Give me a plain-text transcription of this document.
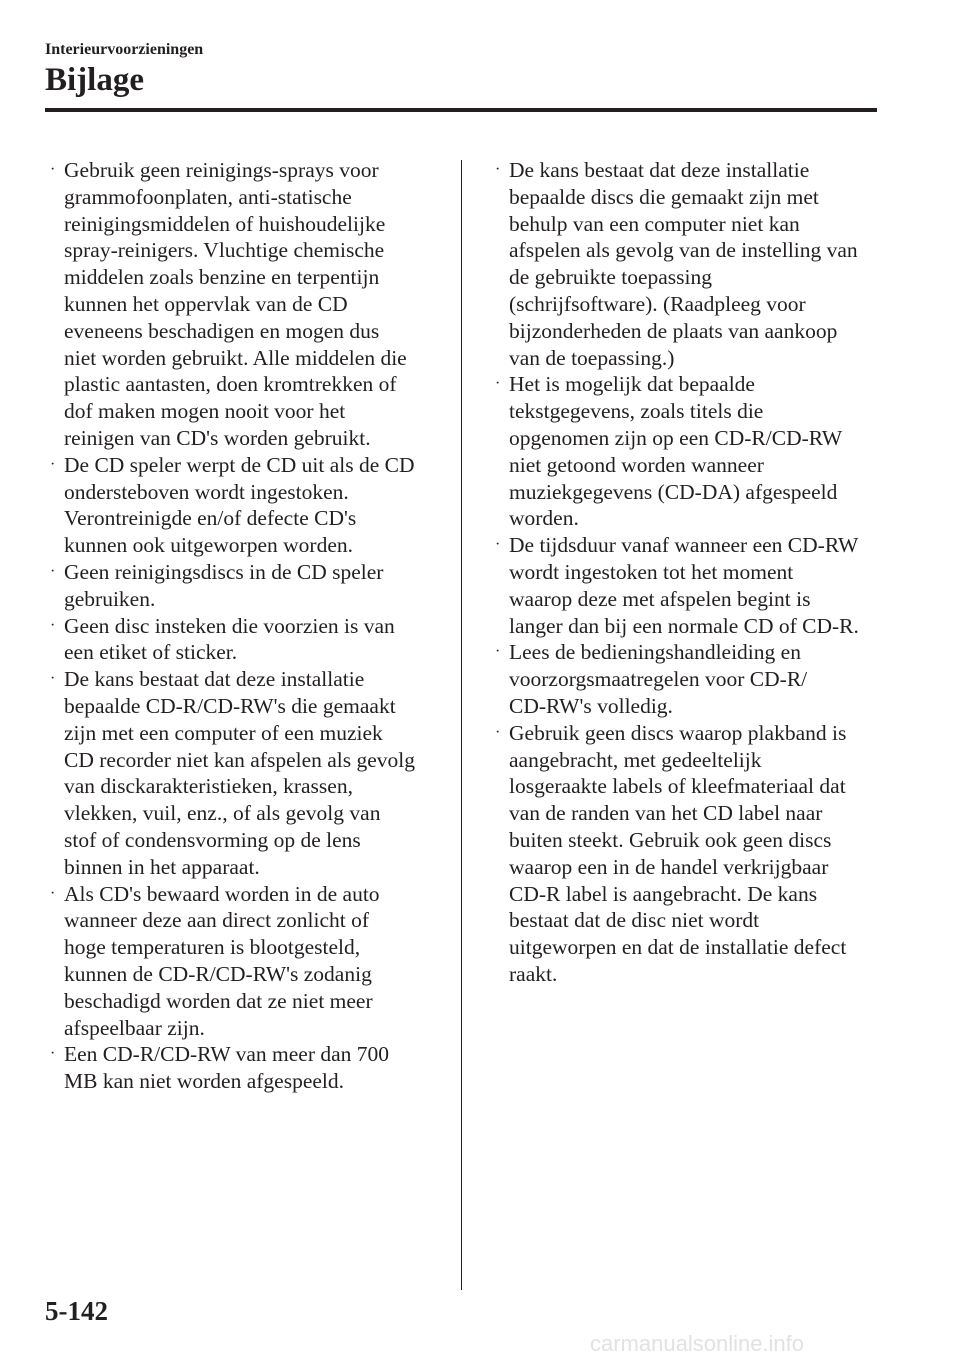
Interieurvoorzieningen

Bijlage
· Gebruik geen reinigings-sprays voor
grammofoonplaten, anti-statische
reinigingsmiddelen of huishoudelijke
spray-reinigers. Vluchtige chemische
middelen zoals benzine en terpentijn
kunnen het oppervlak van de CD
eveneens beschadigen en mogen dus
niet worden gebruikt. Alle middelen die
plastic aantasten, doen kromtrekken of
dof maken mogen nooit voor het
reinigen van CD's worden gebruikt.
· De CD speler werpt de CD uit als de CD
ondersteboven wordt ingestoken.
Verontreinigde en/of defecte CD's
kunnen ook uitgeworpen worden.
· Geen reinigingsdiscs in de CD speler
gebruiken.
· Geen disc insteken die voorzien is van
een etiket of sticker.
· De kans bestaat dat deze installatie
bepaalde CD-R/CD-RW's die gemaakt
zijn met een computer of een muziek
CD recorder niet kan afspelen als gevolg
van disckarakteristieken, krassen,
vlekken, vuil, enz., of als gevolg van
stof of condensvorming op de lens
binnen in het apparaat.
· Als CD's bewaard worden in de auto
wanneer deze aan direct zonlicht of
hoge temperaturen is blootgesteld,
kunnen de CD-R/CD-RW's zodanig
beschadigd worden dat ze niet meer
afspeelbaar zijn.
· Een CD-R/CD-RW van meer dan 700
MB kan niet worden afgespeeld.
· De kans bestaat dat deze installatie
bepaalde discs die gemaakt zijn met
behulp van een computer niet kan
afspelen als gevolg van de instelling van
de gebruikte toepassing
(schrijfsoftware). (Raadpleeg voor
bijzonderheden de plaats van aankoop
van de toepassing.)
· Het is mogelijk dat bepaalde
tekstgegevens, zoals titels die
opgenomen zijn op een CD-R/CD-RW
niet getoond worden wanneer
muziekgegevens (CD-DA) afgespeeld
worden.
· De tijdsduur vanaf wanneer een CD-RW
wordt ingestoken tot het moment
waarop deze met afspelen begint is
langer dan bij een normale CD of CD-R.
· Lees de bedieningshandleiding en
voorzorgsmaatregelen voor CD-R/
CD-RW's volledig.
· Gebruik geen discs waarop plakband is
aangebracht, met gedeeltelijk
losgeraakte labels of kleefmateriaal dat
van de randen van het CD label naar
buiten steekt. Gebruik ook geen discs
waarop een in de handel verkrijgbaar
CD-R label is aangebracht. De kans
bestaat dat de disc niet wordt
uitgeworpen en dat de installatie defect
raakt.

5-142

carmanualsonline.info
